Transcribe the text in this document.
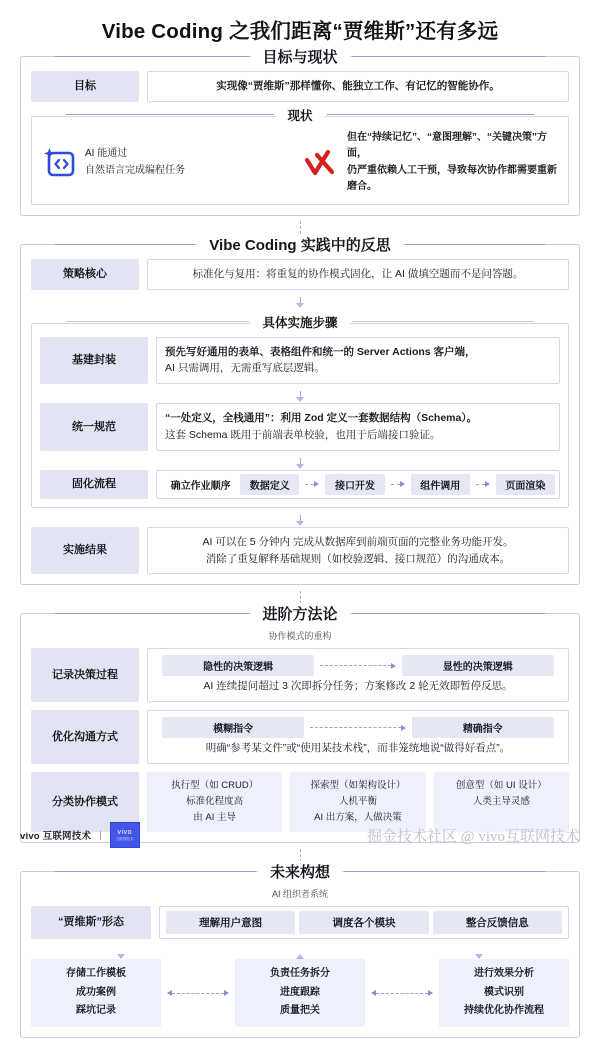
Vibe Coding 之我们距离“贾维斯”还有多远
目标与现状
目标	实现像“贾维斯”那样懂你、能独立工作、有记忆的智能协作。
现状
AI 能通过
自然语言完成编程任务
但在“持续记忆”、“意图理解”、“关键决策”方面，
仍严重依赖人工干预，导致每次协作都需要重新磨合。
Vibe Coding 实践中的反思
策略核心	标准化与复用：将重复的协作模式固化，让 AI 做填空题而不是问答题。
具体实施步骤
基建封装
预先写好通用的表单、表格组件和统一的 Server Actions 客户端，
AI 只需调用，无需重写底层逻辑。
统一规范
“一处定义，全栈通用”：利用 Zod 定义一套数据结构（Schema）。
这套 Schema 既用于前端表单校验，也用于后端接口验证。
固化流程	确立作业顺序	数据定义	接口开发	组件调用	页面渲染
实施结果
AI 可以在 5 分钟内 完成从数据库到前端页面的完整业务功能开发。
消除了重复解释基础规则（如校验逻辑、接口规范）的沟通成本。
进阶方法论
协作模式的重构
记录 决策过程
隐性的决策逻辑	显性的决策逻辑
AI 连续提问超过 3 次即拆分任务；方案修改 2 轮无效即暂停反思。
优化 沟通方式
模糊指令	精确指令
明确“参考某文件”或“使用某技术栈”，而非笼统地说“做得好看点”。
分类 协作模式
执行型（如 CRUD）
标准化程度高
由 AI 主导
探索型（如架构设计）
人机平衡
AI 出方案，人做决策
创意型（如 UI 设计）
人类主导灵感
未来构想
AI 组织者系统
“贾维斯”形态	理解用户意图	调度各个模块	整合反馈信息
存储工作模板
成功案例
踩坑记录
负责任务拆分
进度跟踪
质量把关
进行效果分析
模式识别
持续优化协作流程
vivo 互联网技术 | vivo
互联网技术	掘金技术社区 @ vivo互联网技术
